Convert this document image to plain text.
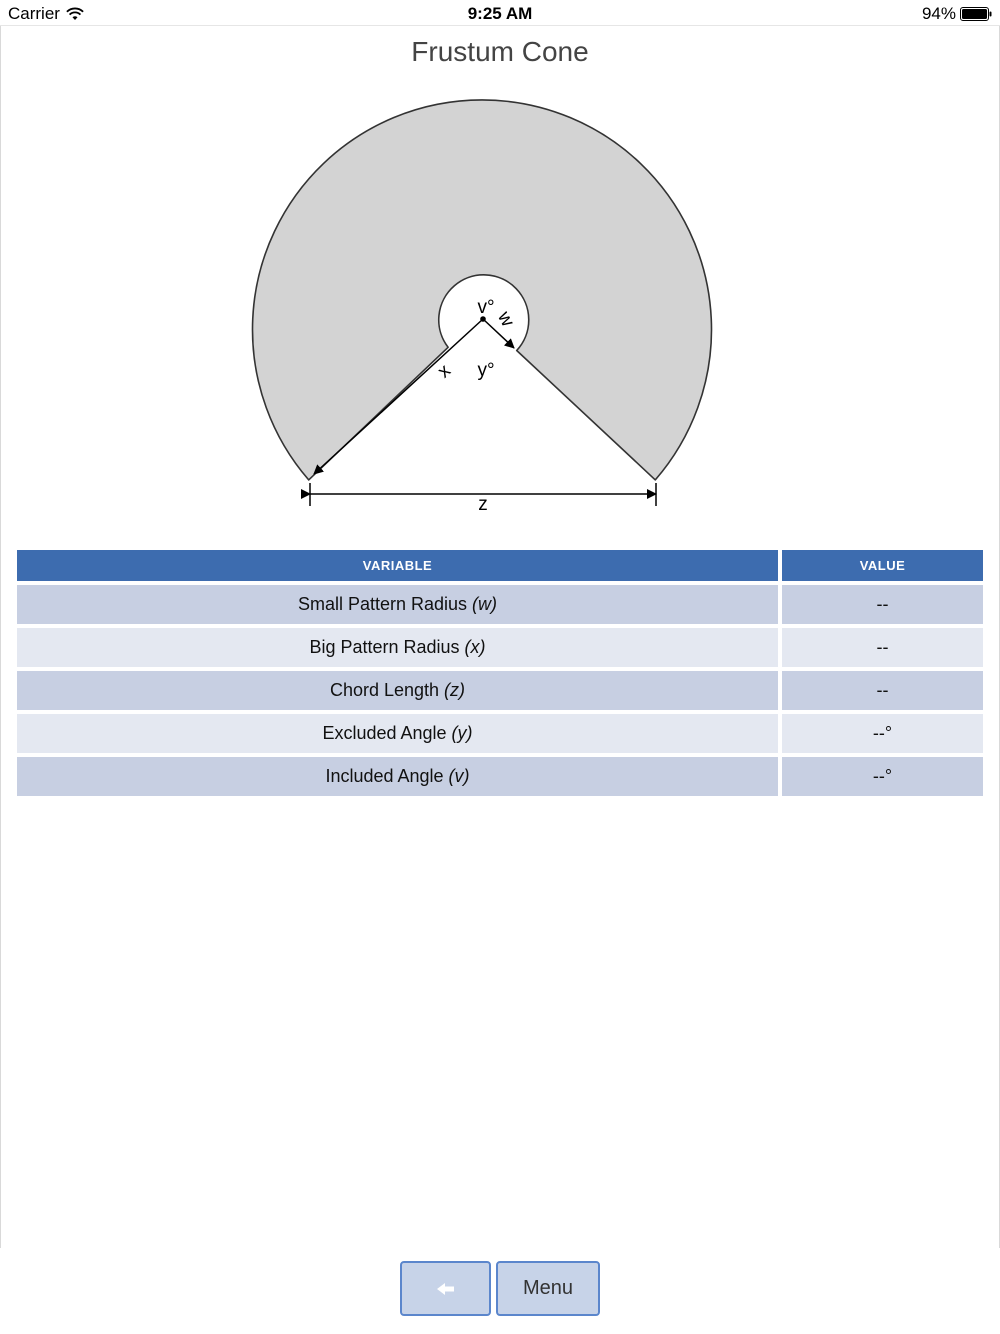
Carrier	9:25 AM	94%
Frustum Cone
v°
w
x y°
z
VARIABLE	VALUE
Small Pattern Radius (w)	--
Big Pattern Radius (x)	--
Chord Length (z)	--
Excluded Angle (y)	--°
Included Angle (v)	--°
Menu
